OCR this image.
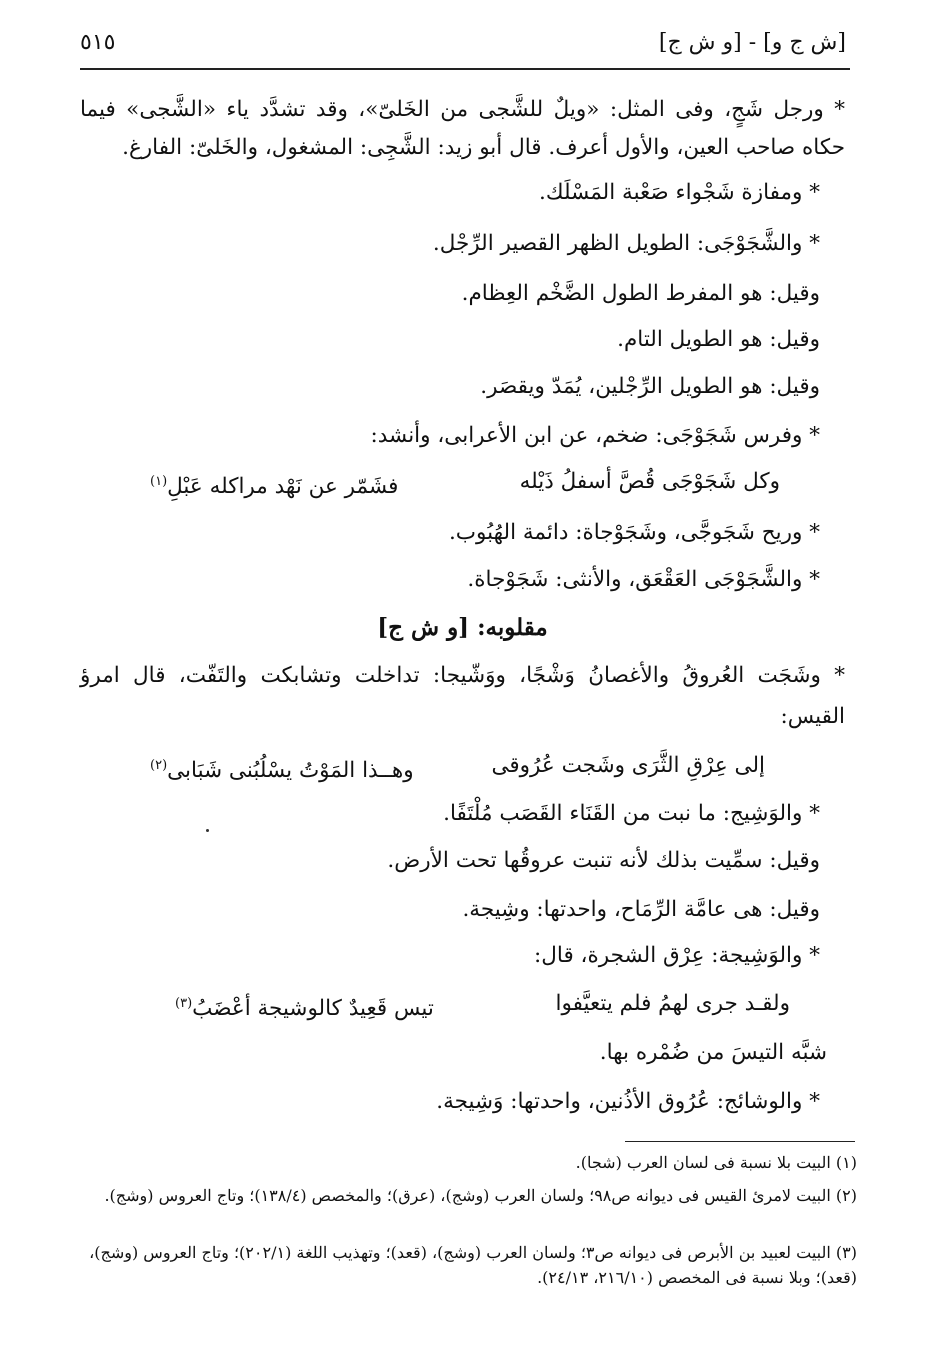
٥١٥	[ش ج و] - [و ش ج]
* ورجل شَجٍ، وفى المثل: «ويلٌ للشَّجى من الخَلىّ»، وقد تشدَّد ياء «الشَّجى» فيما
حكاه صاحب العين، والأول أعرف. قال أبو زيد: الشَّجِى: المشغول، والخَلىّ: الفارغ.
* ومفازة شَجْواء صَعْبة المَسْلَك.
* والشَّجَوْجَى: الطويل الظهر القصير الرِّجْل.
وقيل: هو المفرط الطول الضَّخْم العِظام.
وقيل: هو الطويل التام.
وقيل: هو الطويل الرِّجْلين، يُمَدّ ويقصَر.
* وفرس شَجَوْجَى: ضخم، عن ابن الأعرابى، وأنشد:
وكل شَجَوْجَى قُصَّ أسفلُ ذَيْله
فشَمّر عن نَهْد مراكله عَبْلِ$^{(١)}$
* وريح شَجَوجَّى، وشَجَوْجاة: دائمة الهُبُوب.
* والشَّجَوْجَى العَقْعَق، والأنثى: شَجَوْجاة.
مقلوبه: [و ش ج]
* وشَجَت العُروقُ والأغصانُ وَشْجًا، ووَشّيجا: تداخلت وتشابكت والتَفّت، قال امرؤ
القيس:
إلى عِرْقِ الثَّرَى وشَجت عُرُوقى
وهــذا المَوْتُ يسْلُبُنى شَبَابى$^{(٢)}$
* والوَشِيج: ما نبت من القَنَاء القَصَب مُلْتَفًا.
وقيل: سمِّيت بذلك لأنه تنبت عروقُها تحت الأرض.
وقيل: هى عامَّة الرِّمَاح، واحدتها: وشِيجة.
* والوَشِيجة: عِرْق الشجرة، قال:
ولقـد جرى لهمُ فلم يتعيَّفوا
تيس قَعِيدٌ كالوشيجة أعْضَبُ$^{(٣)}$
شبَّه التيسَ من ضُمْره بها.
* والوشائج: عُرُوق الأذُنين، واحدتها: وَشِيجة.
(١) البيت بلا نسبة فى لسان العرب (شجا).
(٢) البيت لامرئ القيس فى ديوانه ص٩٨؛ ولسان العرب (وشج)، (عرق)؛ والمخصص (١٣٨/٤)؛ وتاج العروس (وشج).
(٣) البيت لعبيد بن الأبرص فى ديوانه ص٣؛ ولسان العرب (وشج)، (قعد)؛ وتهذيب اللغة (٢٠٢/١)؛ وتاج العروس (وشج)، (قعد)؛ وبلا نسبة فى المخصص (٢١٦/١٠، ٢٤/١٣).
